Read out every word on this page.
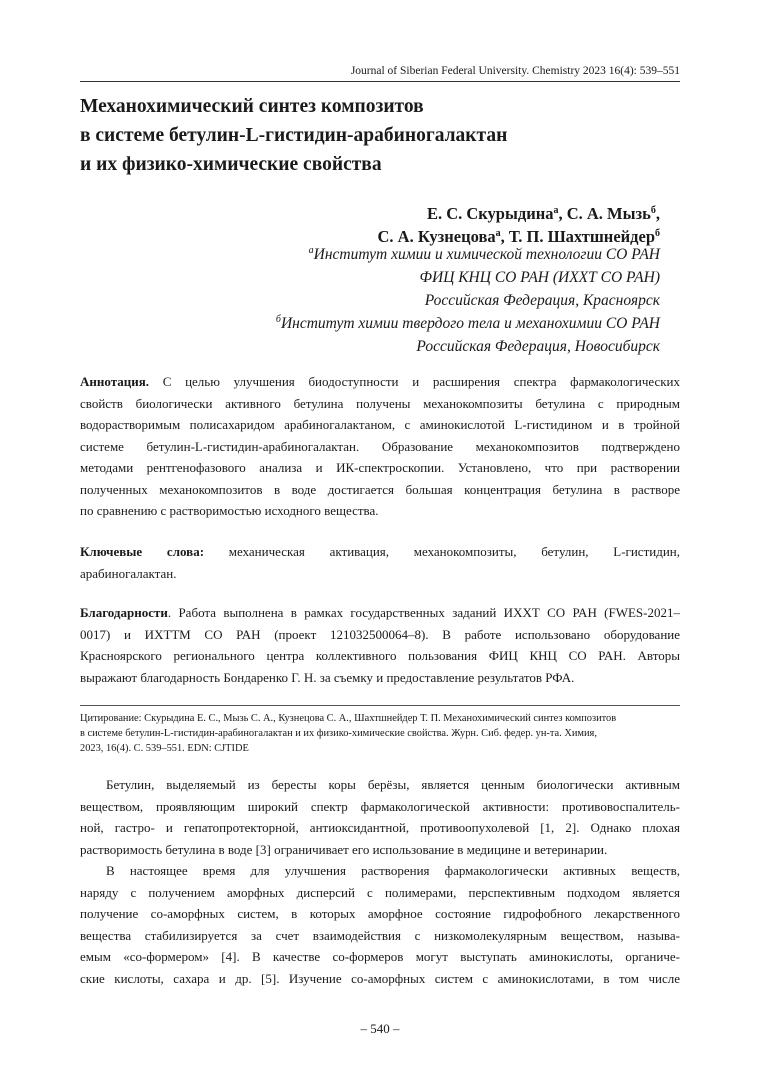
Journal of Siberian Federal University. Chemistry 2023 16(4): 539–551
Механохимический синтез композитов
в системе бетулин-L-гистидин-арабиногалактан
и их физико-химические свойства
Е. С. Скурыдина$^а$, С. А. Мызь$^б$,
С. А. Кузнецова$^а$, Т. П. Шахтшнейдер$^б$
$^а$Институт химии и химической технологии СО РАН
ФИЦ КНЦ СО РАН (ИХХТ СО РАН)
Российская Федерация, Красноярск
$^б$Институт химии твердого тела и механохимии СО РАН
Российская Федерация, Новосибирск
Аннотация. С целью улучшения биодоступности и расширения спектра фармакологических
свойств биологически активного бетулина получены механокомпозиты бетулина с природным
водорастворимым полисахаридом арабиногалактаном, с аминокислотой L-гистидином и в тройной
системе бетулин-L-гистидин-арабиногалактан. Образование механокомпозитов подтверждено
методами рентгенофазового анализа и ИК-спектроскопии. Установлено, что при растворении
полученных механокомпозитов в воде достигается большая концентрация бетулина в растворе
по сравнению с растворимостью исходного вещества.
Ключевые слова: механическая активация, механокомпозиты, бетулин, L-гистидин,
арабиногалактан.
Благодарности. Работа выполнена в рамках государственных заданий ИХХТ СО РАН (FWES-2021–
0017) и ИХТТМ СО РАН (проект 121032500064–8). В работе использовано оборудование
Красноярского регионального центра коллективного пользования ФИЦ КНЦ СО РАН. Авторы
выражают благодарность Бондаренко Г. Н. за съемку и предоставление результатов РФА.
Цитирование: Скурыдина Е. С., Мызь С. А., Кузнецова С. А., Шахтшнейдер Т. П. Механохимический синтез композитов
в системе бетулин-L-гистидин-арабиногалактан и их физико-химические свойства. Журн. Сиб. федер. ун-та. Химия,
2023, 16(4). С. 539–551. EDN: CJTIDE
Бетулин, выделяемый из бересты коры берёзы, является ценным биологически активным
веществом, проявляющим широкий спектр фармакологической активности: противовоспалитель-
ной, гастро- и гепатопротекторной, антиоксидантной, противоопухолевой [1, 2]. Однако плохая
растворимость бетулина в воде [3] ограничивает его использование в медицине и ветеринарии.
В настоящее время для улучшения растворения фармакологически активных веществ,
наряду с получением аморфных дисперсий с полимерами, перспективным подходом является
получение со-аморфных систем, в которых аморфное состояние гидрофобного лекарственного
вещества стабилизируется за счет взаимодействия с низкомолекулярным веществом, называ-
емым «со-формером» [4]. В качестве со-формеров могут выступать аминокислоты, органиче-
ские кислоты, сахара и др. [5]. Изучение со-аморфных систем с аминокислотами, в том числе
– 540 –
